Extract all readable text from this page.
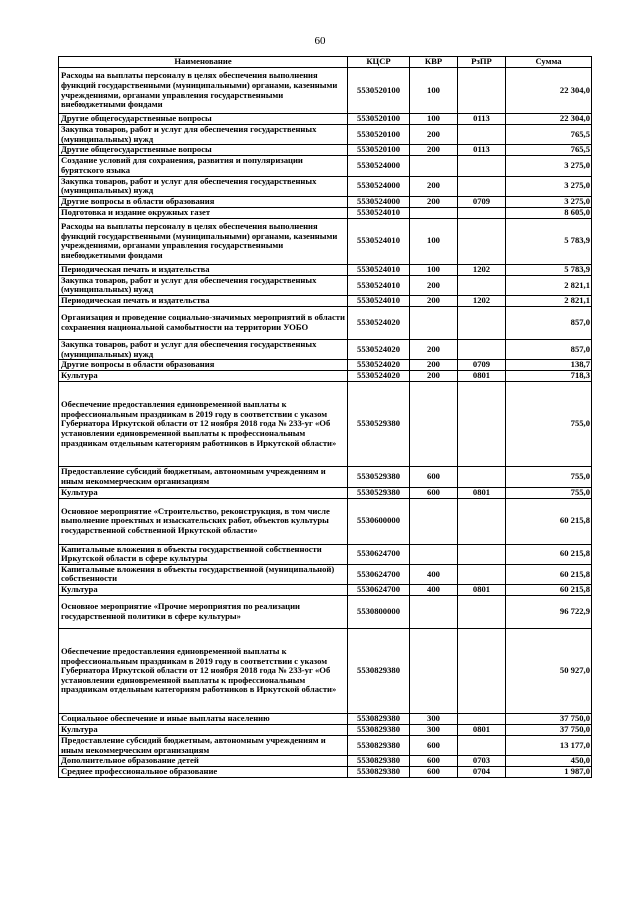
60
Наименование	КЦСР	КВР	РзПР	Сумма
Расходы на выплаты персоналу в целях обеспечения выполнения функций государственными (муниципальными) органами, казенными учреждениями, органами управления государственными внебюджетными фондами	5530520100	100		22 304,0
Другие общегосударственные вопросы	5530520100	100	0113	22 304,0
Закупка товаров, работ и услуг для обеспечения государственных (муниципальных) нужд	5530520100	200		765,5
Другие общегосударственные вопросы	5530520100	200	0113	765,5
Создание условий для сохранения, развития и популяризации бурятского языка	5530524000			3 275,0
Закупка товаров, работ и услуг для обеспечения государственных (муниципальных) нужд	5530524000	200		3 275,0
Другие вопросы в области образования	5530524000	200	0709	3 275,0
Подготовка и издание окружных газет	5530524010			8 605,0
Расходы на выплаты персоналу в целях обеспечения выполнения функций государственными (муниципальными) органами, казенными учреждениями, органами управления государственными внебюджетными фондами	5530524010	100		5 783,9
Периодическая печать и издательства	5530524010	100	1202	5 783,9
Закупка товаров, работ и услуг для обеспечения государственных (муниципальных) нужд	5530524010	200		2 821,1
Периодическая печать и издательства	5530524010	200	1202	2 821,1
Организация и проведение социально-значимых мероприятий в области сохранения национальной самобытности на территории УОБО	5530524020			857,0
Закупка товаров, работ и услуг для обеспечения государственных (муниципальных) нужд	5530524020	200		857,0
Другие вопросы в области образования	5530524020	200	0709	138,7
Культура	5530524020	200	0801	718,3
Обеспечение предоставления единовременной выплаты к профессиональным праздникам в 2019 году в соответствии с указом Губернатора Иркутской области от 12 ноября 2018 года № 233-уг «Об установлении единовременной выплаты к профессиональным праздникам отдельным категориям работников в Иркутской области»	5530529380			755,0
Предоставление субсидий бюджетным, автономным учреждениям и иным некоммерческим организациям	5530529380	600		755,0
Культура	5530529380	600	0801	755,0
Основное мероприятие «Строительство, реконструкция, в том числе выполнение проектных и изыскательских работ, объектов культуры государственной собственной Иркутской области»	5530600000			60 215,8
Капитальные вложения в объекты государственной собственности Иркутской области в сфере культуры	5530624700			60 215,8
Капитальные вложения в объекты государственной (муниципальной) собственности	5530624700	400		60 215,8
Культура	5530624700	400	0801	60 215,8
Основное мероприятие «Прочие мероприятия по реализации государственной политики в сфере культуры»	5530800000			96 722,9
Обеспечение предоставления единовременной выплаты к профессиональным праздникам в 2019 году в соответствии с указом Губернатора Иркутской области от 12 ноября 2018 года № 233-уг «Об установлении единовременной выплаты к профессиональным праздникам отдельным категориям работников в Иркутской области»	5530829380			50 927,0
Социальное обеспечение и иные выплаты населению	5530829380	300		37 750,0
Культура	5530829380	300	0801	37 750,0
Предоставление субсидий бюджетным, автономным учреждениям и иным некоммерческим организациям	5530829380	600		13 177,0
Дополнительное образование детей	5530829380	600	0703	450,0
Среднее профессиональное образование	5530829380	600	0704	1 987,0
